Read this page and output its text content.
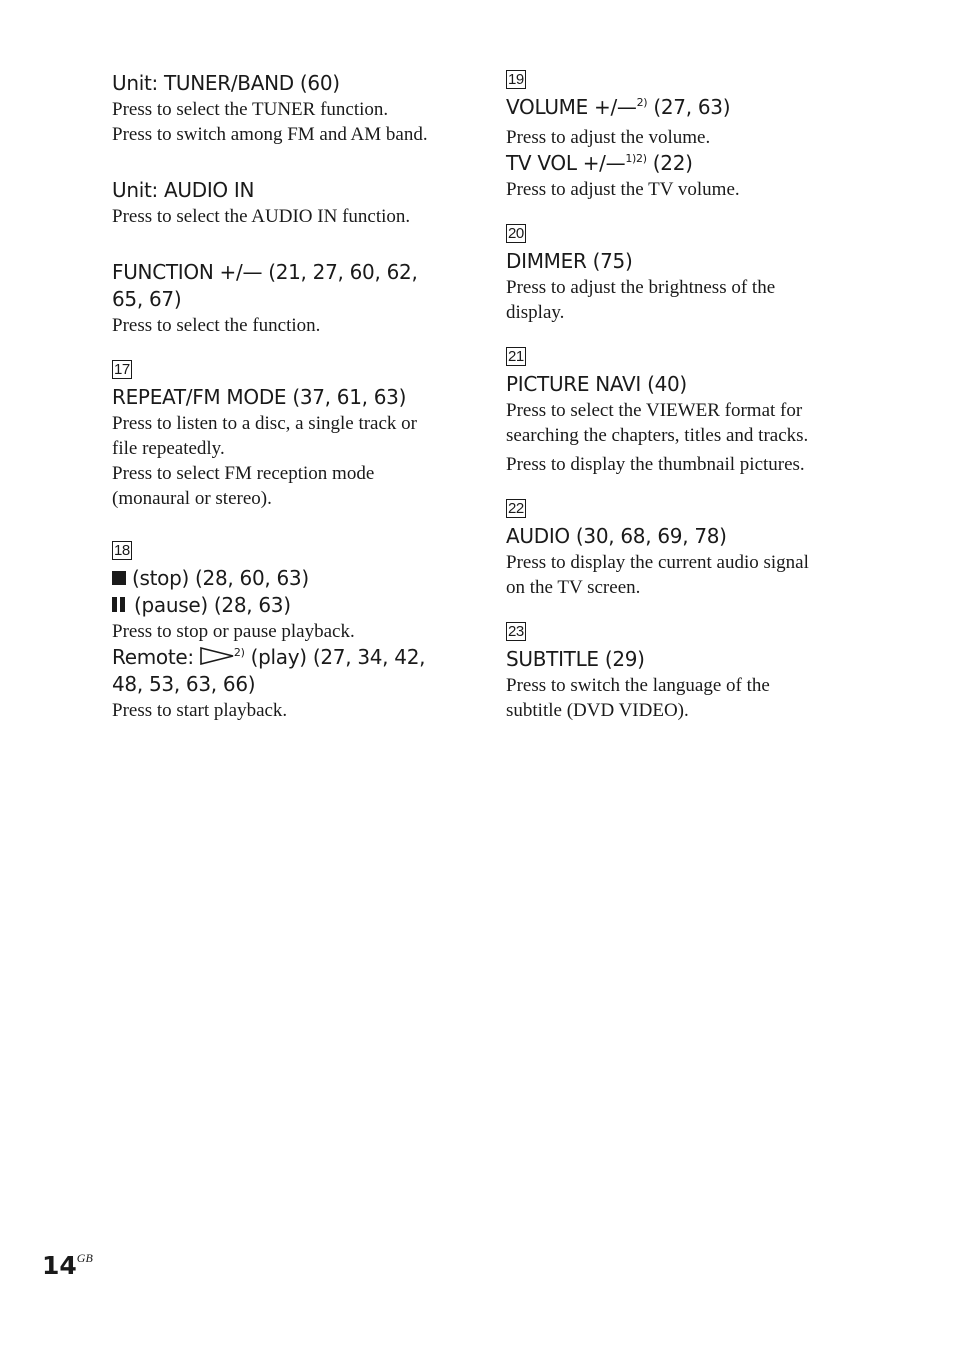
Unit: TUNER/BAND (60)
Press to select the TUNER function.
Press to switch among FM and AM band.
Unit: AUDIO IN
Press to select the AUDIO IN function.
FUNCTION +/— (21, 27, 60, 62,
65, 67)
Press to select the function.
17
REPEAT/FM MODE (37, 61, 63)
Press to listen to a disc, a single track or
file repeatedly.
Press to select FM reception mode
(monaural or stereo).
18
(stop) (28, 60, 63)
(pause) (28, 63)
Press to stop or pause playback.
Remote:	$^{2)}$ (play) (27, 34, 42,
48, 53, 63, 66)
Press to start playback.
19
VOLUME +/—$^{2)}$ (27, 63)
Press to adjust the volume.
TV VOL +/—$^{1)2)}$ (22)
Press to adjust the TV volume.
20
DIMMER (75)
Press to adjust the brightness of the
display.
21
PICTURE NAVI (40)
Press to select the VIEWER format for
searching the chapters, titles and tracks.
Press to display the thumbnail pictures.
22
AUDIO (30, 68, 69, 78)
Press to display the current audio signal
on the TV screen.
23
SUBTITLE (29)
Press to switch the language of the
subtitle (DVD VIDEO).
$14^{GB}$
